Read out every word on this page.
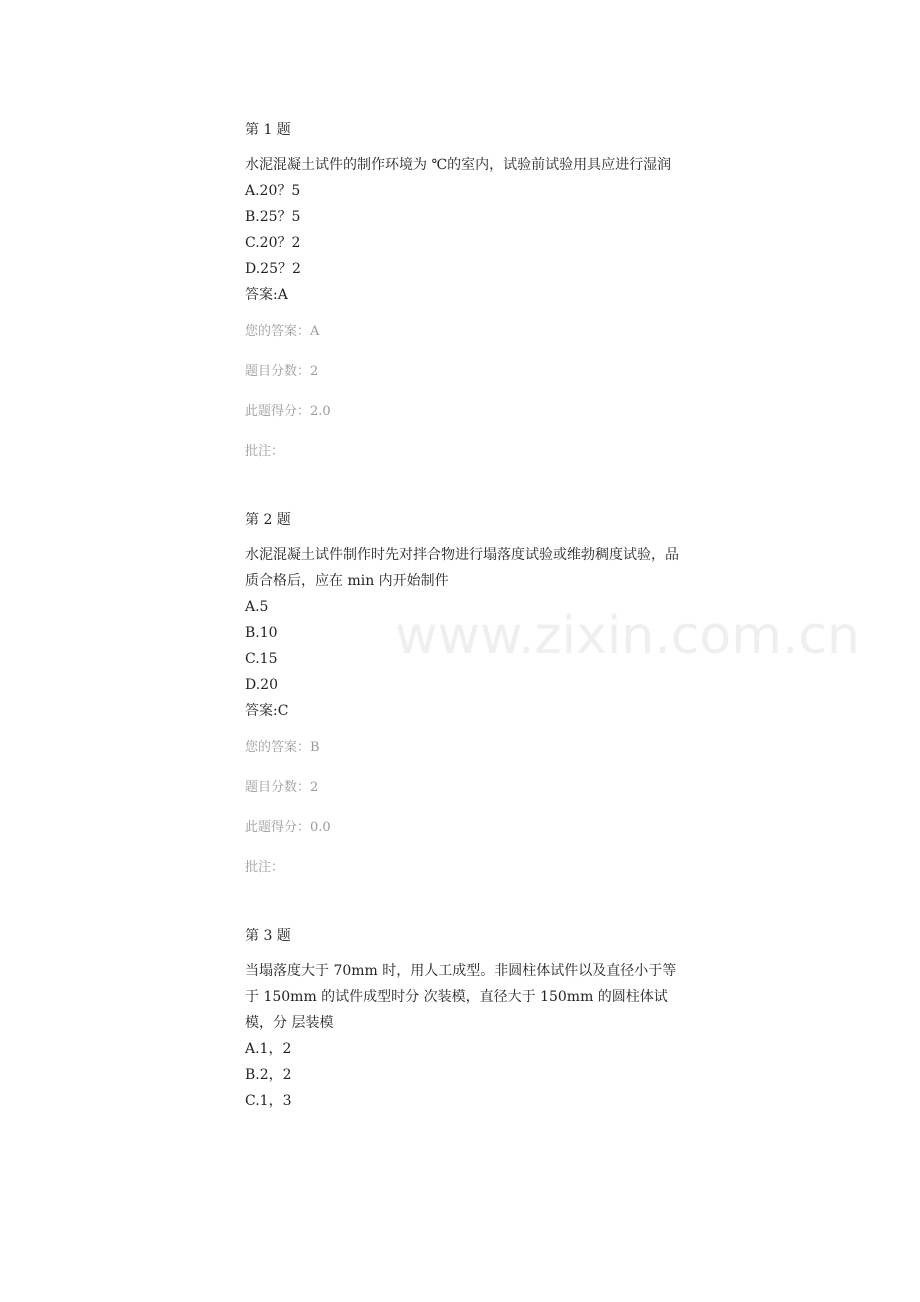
www.zixin.com.cn
第 1 题
水泥混凝土试件的制作环境为 ℃的室内，试验前试验用具应进行湿润
A.20？5
B.25？5
C.20？2
D.25？2
答案:A
您的答案：A
题目分数：2
此题得分：2.0
批注：
第 2 题
水泥混凝土试件制作时先对拌合物进行塌落度试验或维勃稠度试验，品质合格后，应在 min 内开始制件
A.5
B.10
C.15
D.20
答案:C
您的答案：B
题目分数：2
此题得分：0.0
批注：
第 3 题
当塌落度大于 70mm 时，用人工成型。非圆柱体试件以及直径小于等于 150mm 的试件成型时分 次装模，直径大于 150mm 的圆柱体试模，分 层装模
A.1，2
B.2，2
C.1，3
